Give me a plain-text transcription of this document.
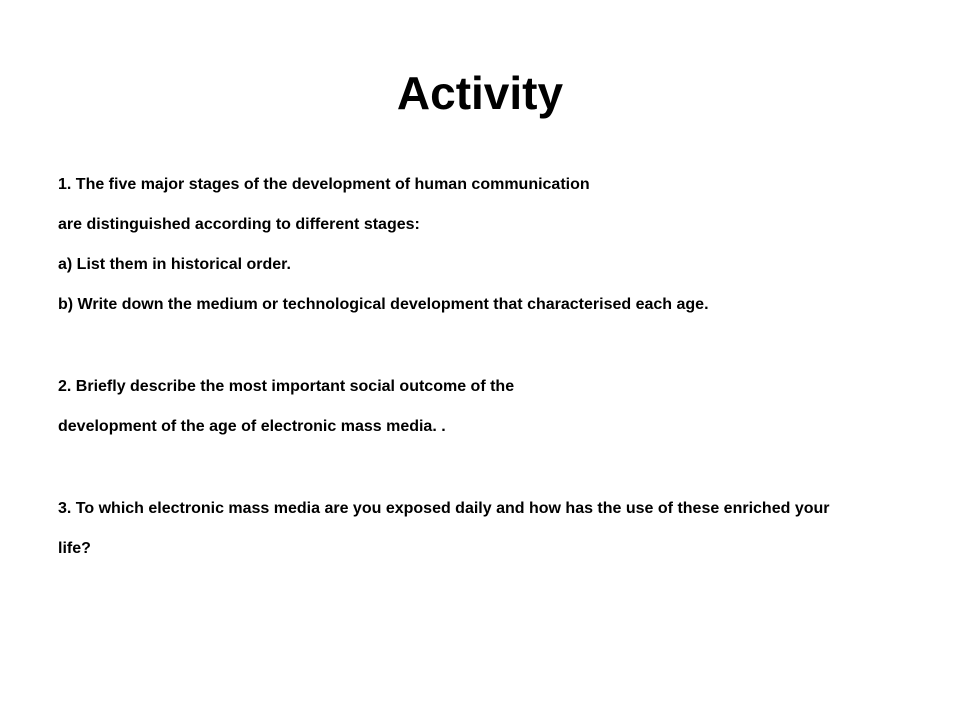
Activity
1. The five major stages of the development of human communication
are distinguished according to different stages:
a) List them in historical order.
b) Write down the medium or technological development that characterised each age.
2. Briefly describe the most important social outcome of the
development of the age of electronic mass media. .
3. To which electronic mass media are you exposed daily and how has the use of these enriched your
life?
